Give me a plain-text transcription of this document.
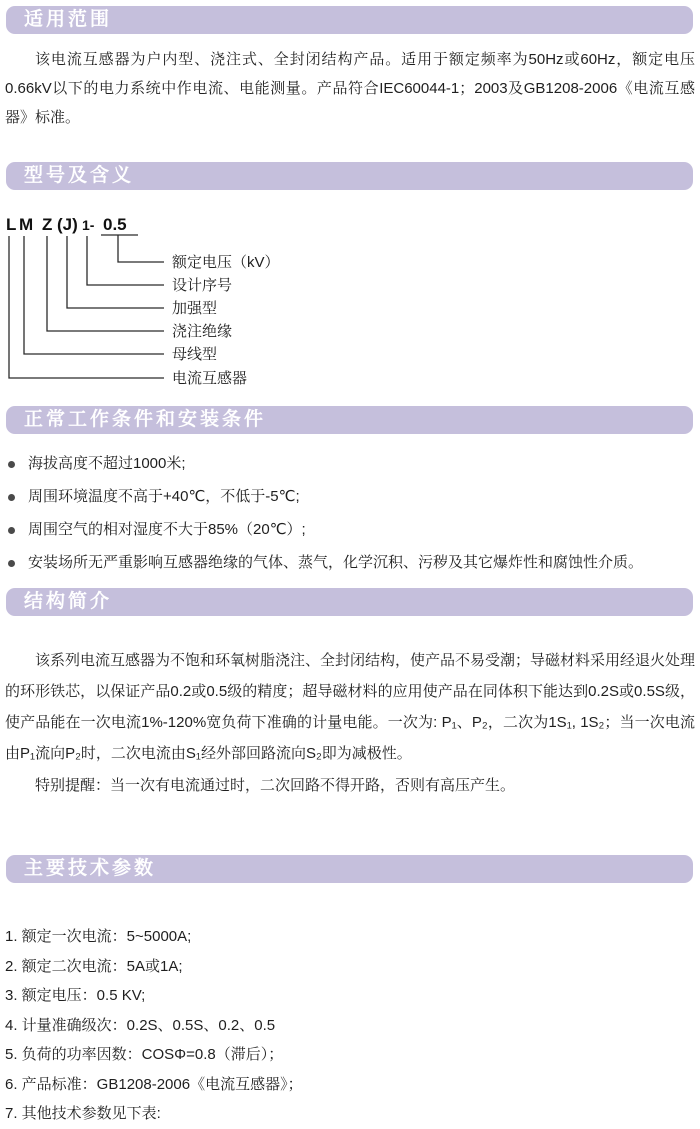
适用范围
该电流互感器为户内型、浇注式、全封闭结构产品。适用于额定频率为50Hz或60Hz，额定电压0.66kV以下的电力系统中作电流、电能测量。产品符合IEC60044-1；2003及GB1208-2006《电流互感器》标准。
型号及含义
L M Z (J) 1- 0.5
额定电压（kV）
设计序号
加强型
浇注绝缘
母线型
电流互感器
正常工作条件和安装条件
海拔高度不超过1000米;
周围环境温度不高于+40℃，不低于-5℃;
周围空气的相对湿度不大于85%（20℃）;
安装场所无严重影响互感器绝缘的气体、蒸气，化学沉积、污秽及其它爆炸性和腐蚀性介质。
结构简介
该系列电流互感器为不饱和环氧树脂浇注、全封闭结构，使产品不易受潮；导磁材料采用经退火处理的环形铁芯，以保证产品0.2或0.5级的精度；超导磁材料的应用使产品在同体积下能达到0.2S或0.5S级，使产品能在一次电流1%-120%宽负荷下准确的计量电能。一次为: P₁、P₂，二次为1S₁, 1S₂；当一次电流由P₁流向P₂时，二次电流由S₁经外部回路流向S₂即为减极性。
特别提醒：当一次有电流通过时，二次回路不得开路，否则有高压产生。
主要技术参数
1. 额定一次电流：5~5000A;
2. 额定二次电流：5A或1A;
3. 额定电压：0.5 KV;
4. 计量准确级次：0.2S、0.5S、0.2、0.5
5. 负荷的功率因数：COSΦ=0.8（滞后）；
6. 产品标准：GB1208-2006《电流互感器》；
7. 其他技术参数见下表:
